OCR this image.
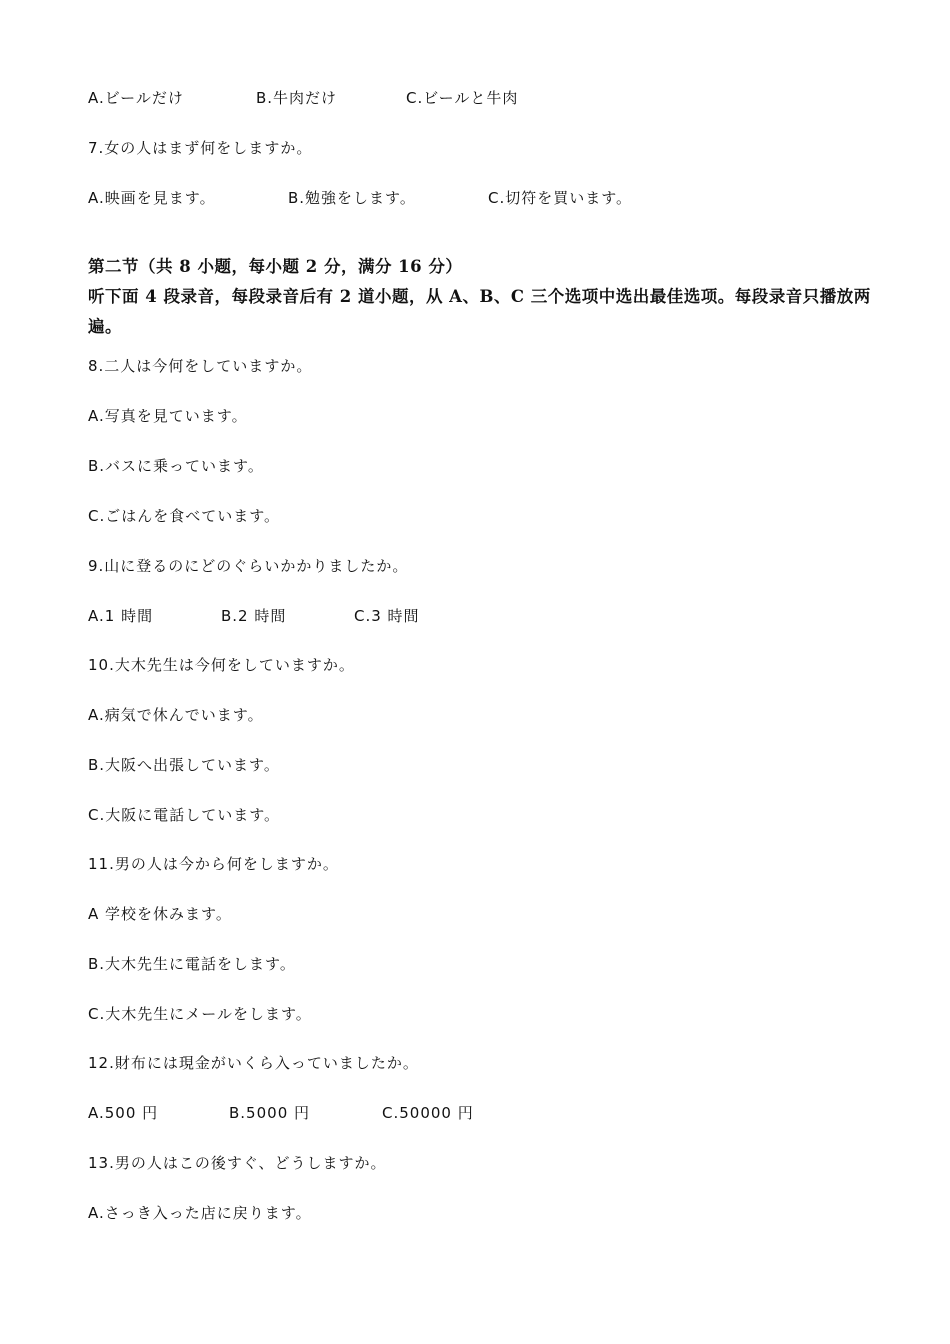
A.ビールだけ	B.牛肉だけ	C.ビールと牛肉
7.女の人はまず何をしますか。
A.映画を見ます。	B.勉強をします。	C.切符を買います。
第二节（共 8 小题，每小题 2 分，满分 16 分）
听下面 4 段录音，每段录音后有 2 道小题，从 A、B、C 三个选项中选出最佳选项。每段录音只播放两遍。
8.二人は今何をしていますか。
A.写真を見ています。
B.バスに乗っています。
C.ごはんを食べています。
9.山に登るのにどのぐらいかかりましたか。
A.1 時間	B.2 時間	C.3 時間
10.大木先生は今何をしていますか。
A.病気で休んでいます。
B.大阪へ出張しています。
C.大阪に電話しています。
11.男の人は今から何をしますか。
A 学校を休みます。
B.大木先生に電話をします。
C.大木先生にメールをします。
12.財布には現金がいくら入っていましたか。
A.500 円	B.5000 円	C.50000 円
13.男の人はこの後すぐ、どうしますか。
A.さっき入った店に戻ります。
